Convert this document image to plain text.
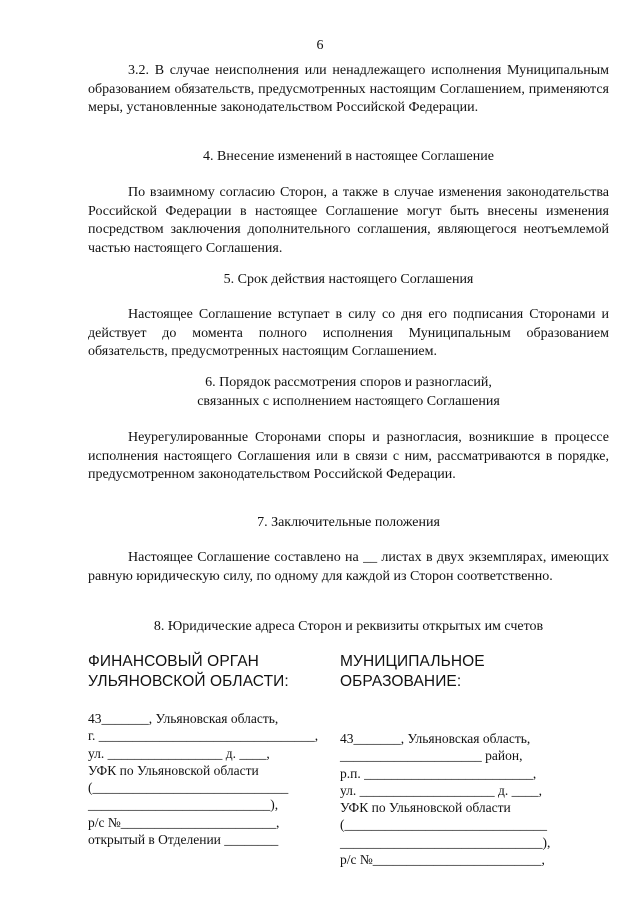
6

3.2. В случае неисполнения или ненадлежащего исполнения Муниципальным образованием обязательств, предусмотренных настоящим Соглашением, применяются меры, установленные законодательством Российской Федерации.

4. Внесение изменений в настоящее Соглашение

По взаимному согласию Сторон, а также в случае изменения законодательства Российской Федерации в настоящее Соглашение могут быть внесены изменения посредством заключения дополнительного соглашения, являющегося неотъемлемой частью настоящего Соглашения.

5. Срок действия настоящего Соглашения

Настоящее Соглашение вступает в силу со дня его подписания Сторонами и действует до момента полного исполнения Муниципальным образованием обязательств, предусмотренных настоящим Соглашением.

6. Порядок рассмотрения споров и разногласий,

связанных с исполнением настоящего Соглашения

Неурегулированные Сторонами споры и разногласия, возникшие в процессе исполнения настоящего Соглашения или в связи с ним, рассматриваются в порядке, предусмотренном законодательством Российской Федерации.

7. Заключительные положения

Настоящее Соглашение составлено на __ листах в двух экземплярах, имеющих равную юридическую силу, по одному для каждой из Сторон соответственно.

8. Юридические адреса Сторон и реквизиты открытых им счетов

ФИНАНСОВЫЙ ОРГАН
УЛЬЯНОВСКОЙ ОБЛАСТИ:
43_______, Ульяновская область,
г. ________________________________,
ул. _________________ д. ____,
УФК по Ульяновской области
(_____________________________
___________________________),
р/с №_______________________,
открытый в Отделении ________
МУНИЦИПАЛЬНОЕ ОБРАЗОВАНИЕ:
43_______, Ульяновская область,
_____________________ район,
р.п. _________________________,
ул. ____________________ д. ____,
УФК по Ульяновской области
(______________________________
______________________________),
р/с №_________________________,
